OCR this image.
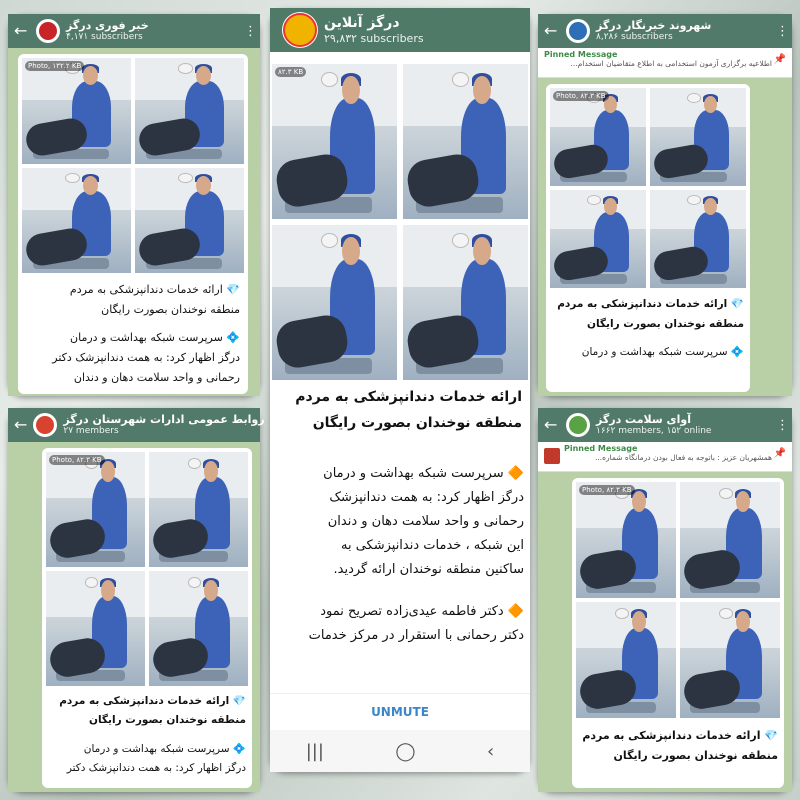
←	خبر فوری درگز
۴,۱۷۱ subscribers	⋮
Photo, ۱۳۲.۲ KB

💎 ارائه خدمات دندانپزشکی به مردم

منطقه نوخندان بصورت رایگان

💠 سرپرست شبکه بهداشت و درمان

درگز اظهار کرد: به همت دندانپزشک دکتر

رحمانی و واحد سلامت دهان و دندان

درگز آنلاین
۲۹,۸۳۲ subscribers
۸۲.۳ KB

ارائه خدمات دندانپزشکی به مردم

منطقه نوخندان بصورت رایگان

🔶 سرپرست شبکه بهداشت و درمان

درگز اظهار کرد: به همت دندانپزشک

رحمانی و واحد سلامت دهان و دندان

این شبکه ، خدمات دندانپزشکی به

ساکنین منطقه نوخندان ارائه گردید.

🔶 دکتر فاطمه عیدی‌زاده تصریح نمود

دکتر رحمانی با استقرار در مرکز خدمات

UNMUTE
|||	◯	‹
←	شهروند خبرنگار درگز
۸,۲۸۶ subscribers	⋮
Pinned Message
اطلاعیه برگزاری آزمون استخدامی به اطلاع متقاضیان استخدام... 📌
Photo, ۸۲.۳ KB

💎 ارائه خدمات دندانپزشکی به مردم

منطقه نوخندان بصورت رایگان

💠 سرپرست شبکه بهداشت و درمان

←	روابط عمومی ادارات شهرستان درگز
۲۷ members	⋮
Photo, ۸۲.۳ KB

💎 ارائه خدمات دندانپزشکی به مردم

منطقه نوخندان بصورت رایگان

💠 سرپرست شبکه بهداشت و درمان

درگز اظهار کرد: به همت دندانپزشک دکتر

←	آوای سلامت درگز
۱۶۶۲ members, ۱۵۲ online	⋮
Pinned Message
همشهریان عزیز : باتوجه به فعال بودن درمانگاه شماره... 📌
Photo, ۸۲.۳ KB

💎 ارائه خدمات دندانپزشکی به مردم

منطقه نوخندان بصورت رایگان
